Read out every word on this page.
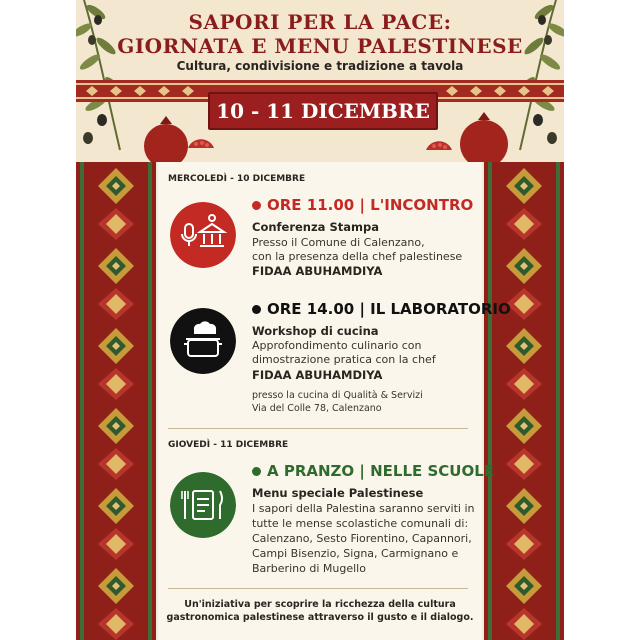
SAPORI PER LA PACE:
GIORNATA E MENU PALESTINESE
Cultura, condivisione e tradizione a tavola
10 - 11 DICEMBRE
MERCOLEDÌ - 10 DICEMBRE
ORE 11.00 | L'INCONTRO
Conferenza Stampa
Presso il Comune di Calenzano,
con la presenza della chef palestinese
FIDAA ABUHAMDIYA
ORE 14.00 | IL LABORATORIO
Workshop di cucina
Approfondimento culinario con
dimostrazione pratica con la chef
FIDAA ABUHAMDIYA
presso la cucina di Qualità & Servizi
Via del Colle 78, Calenzano
GIOVEDÌ - 11 DICEMBRE
A PRANZO | NELLE SCUOLE
Menu speciale Palestinese
I sapori della Palestina saranno serviti in
tutte le mense scolastiche comunali di:
Calenzano, Sesto Fiorentino, Capannori,
Campi Bisenzio, Signa, Carmignano e
Barberino di Mugello
Un'iniziativa per scoprire la ricchezza della cultura
gastronomica palestinese attraverso il gusto e il dialogo.
